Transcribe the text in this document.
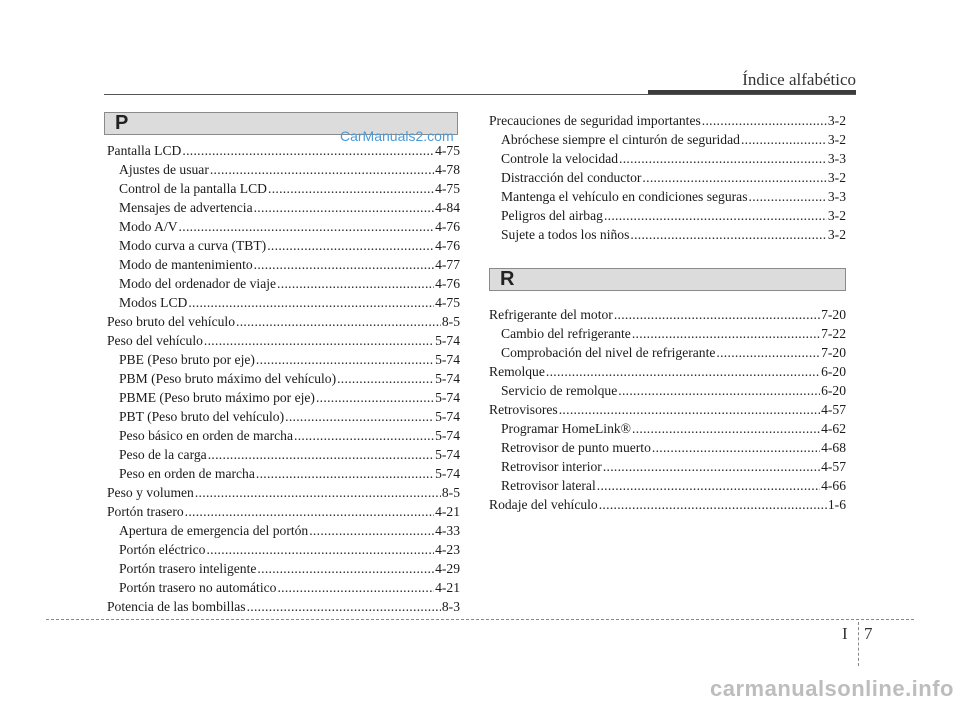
Índice alfabético
P
CarManuals2.com
Pantalla LCD .....	4-75
Ajustes de usuar .....	4-78
Control de la pantalla LCD .....	4-75
Mensajes de advertencia .....	4-84
Modo A/V .....	4-76
Modo curva a curva (TBT) .....	4-76
Modo de mantenimiento .....	4-77
Modo del ordenador de viaje .....	4-76
Modos LCD .....	4-75
Peso bruto del vehículo .....	8-5
Peso del vehículo .....	5-74
PBE (Peso bruto por eje) .....	5-74
PBM (Peso bruto máximo del vehículo) .....	5-74
PBME (Peso bruto máximo por eje) .....	5-74
PBT (Peso bruto del vehículo) .....	5-74
Peso básico en orden de marcha .....	5-74
Peso de la carga .....	5-74
Peso en orden de marcha .....	5-74
Peso y volumen .....	8-5
Portón trasero .....	4-21
Apertura de emergencia del portón .....	4-33
Portón eléctrico .....	4-23
Portón trasero inteligente .....	4-29
Portón trasero no automático .....	4-21
Potencia de las bombillas .....	8-3
Precauciones de seguridad importantes .....	3-2
Abróchese siempre el cinturón de seguridad .....	3-2
Controle la velocidad .....	3-3
Distracción del conductor .....	3-2
Mantenga el vehículo en condiciones seguras .....	3-3
Peligros del airbag .....	3-2
Sujete a todos los niños .....	3-2
R
Refrigerante del motor .....	7-20
Cambio del refrigerante .....	7-22
Comprobación del nivel de refrigerante .....	7-20
Remolque .....	6-20
Servicio de remolque .....	6-20
Retrovisores .....	4-57
Programar HomeLink® .....	4-62
Retrovisor de punto muerto .....	4-68
Retrovisor interior .....	4-57
Retrovisor lateral .....	4-66
Rodaje del vehículo .....	1-6
I 7
carmanualsonline.info
